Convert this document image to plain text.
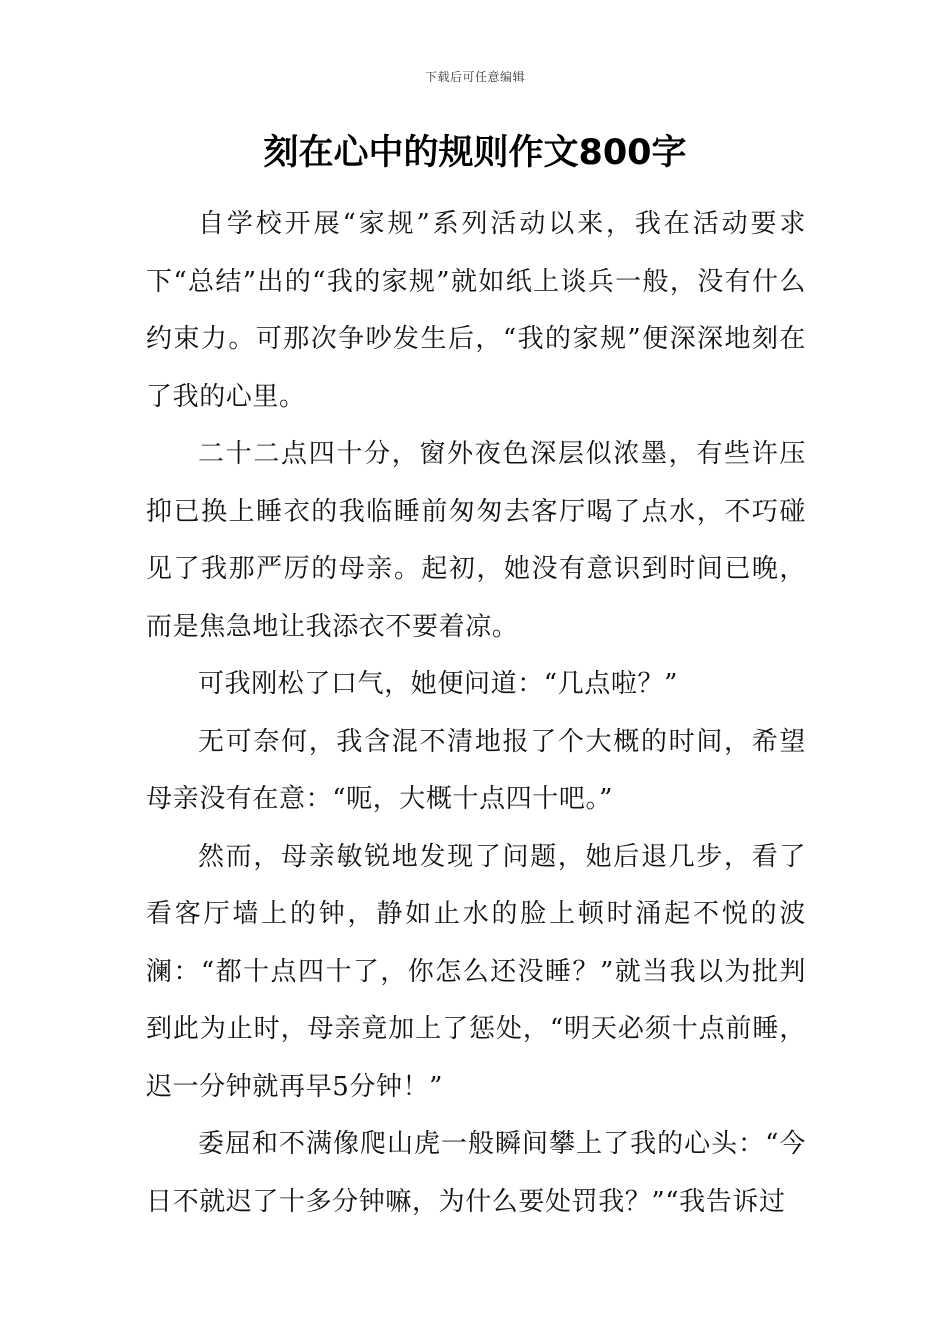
下载后可任意编辑
刻在心中的规则作文800字

自学校开展“家规”系列活动以来，我在活动要求下“总结”出的“我的家规”就如纸上谈兵一般，没有什么约束力。可那次争吵发生后，“我的家规”便深深地刻在了我的心里。

二十二点四十分，窗外夜色深层似浓墨，有些许压抑已换上睡衣的我临睡前匆匆去客厅喝了点水，不巧碰见了我那严厉的母亲。起初，她没有意识到时间已晚，而是焦急地让我添衣不要着凉。

可我刚松了口气，她便问道：“几点啦？”

无可奈何，我含混不清地报了个大概的时间，希望母亲没有在意：“呃，大概十点四十吧。”

然而，母亲敏锐地发现了问题，她后退几步，看了看客厅墙上的钟，静如止水的脸上顿时涌起不悦的波澜：“都十点四十了，你怎么还没睡？”就当我以为批判到此为止时，母亲竟加上了惩处，“明天必须十点前睡，迟一分钟就再早5分钟！”

委屈和不满像爬山虎一般瞬间攀上了我的心头：“今日不就迟了十多分钟嘛，为什么要处罚我？”“我告诉过
